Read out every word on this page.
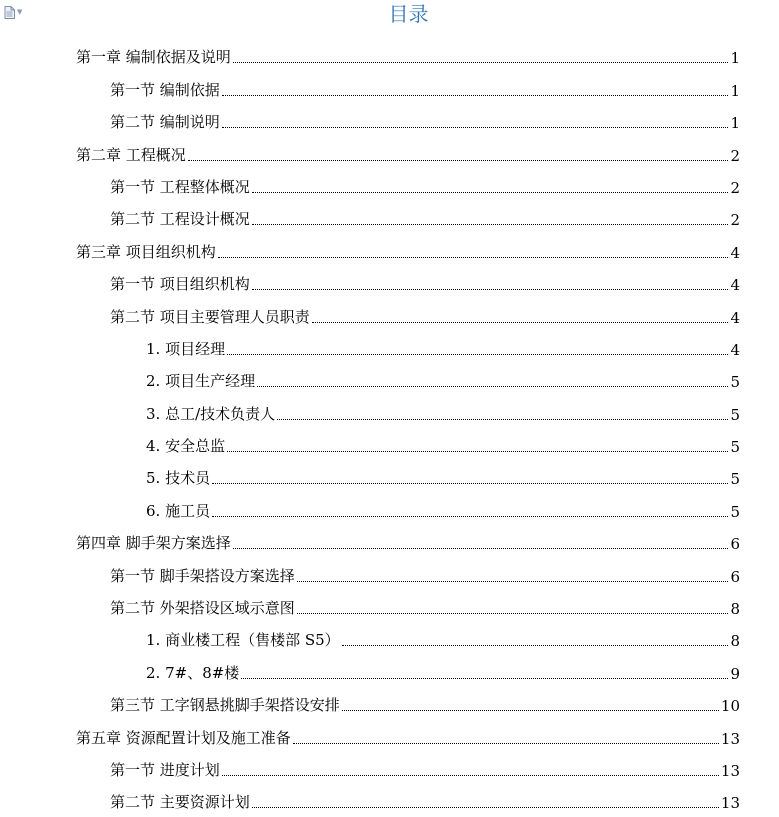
▼	目录
第一章 编制依据及说明	1
第一节 编制依据	1
第二节 编制说明	1
第二章 工程概况	2
第一节 工程整体概况	2
第二节 工程设计概况	2
第三章 项目组织机构	4
第一节 项目组织机构	4
第二节 项目主要管理人员职责	4
1. 项目经理	4
2. 项目生产经理	5
3. 总工/技术负责人	5
4. 安全总监	5
5. 技术员	5
6. 施工员	5
第四章 脚手架方案选择	6
第一节 脚手架搭设方案选择	6
第二节 外架搭设区域示意图	8
1. 商业楼工程（售楼部 S5）	8
2. 7#、8#楼	9
第三节 工字钢悬挑脚手架搭设安排	10
第五章 资源配置计划及施工准备	13
第一节 进度计划	13
第二节 主要资源计划	13
